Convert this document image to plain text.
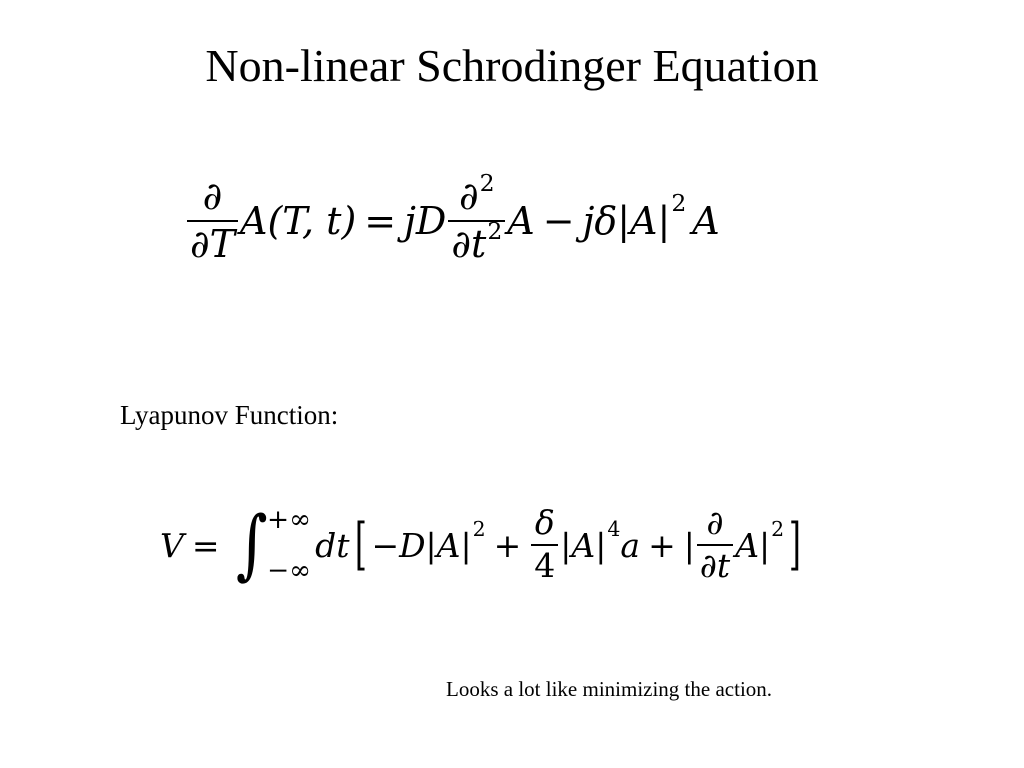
Non-linear Schrodinger Equation
$\frac{\partial}{\partial T} A(T$, t) = jD $\frac{\partial^2}{\partial t^2}$ A − jδ|A| 2 A
Lyapunov Function:
V = ∫ +∞
−∞
dt [ −D|A| $2 + \frac{\delta}{4} |A|$ 4 a + | $\frac{\partial}{\partial t} A|$ 2 ]
Looks a lot like minimizing the action.
